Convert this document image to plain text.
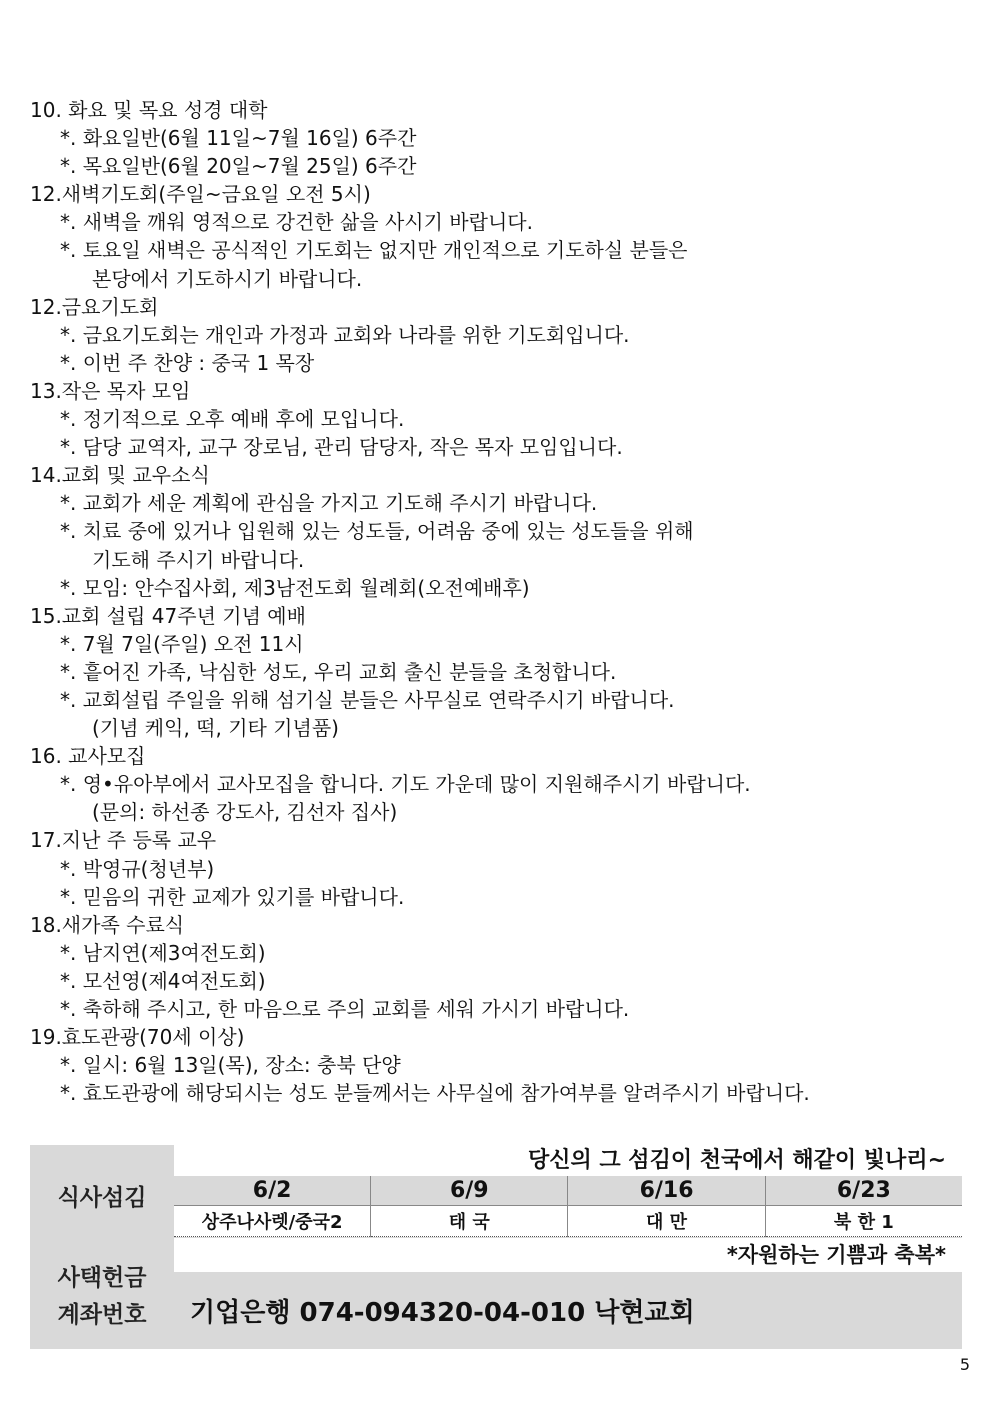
10. 화요 및 목요 성경 대학
*. 화요일반(6월 11일~7월 16일) 6주간
*. 목요일반(6월 20일~7월 25일) 6주간
12.새벽기도회(주일~금요일 오전 5시)
*. 새벽을 깨워 영적으로 강건한 삶을 사시기 바랍니다.
*. 토요일 새벽은 공식적인 기도회는 없지만 개인적으로 기도하실 분들은
본당에서 기도하시기 바랍니다.
12.금요기도회
*. 금요기도회는 개인과 가정과 교회와 나라를 위한 기도회입니다.
*. 이번 주 찬양 : 중국 1 목장
13.작은 목자 모임
*. 정기적으로 오후 예배 후에 모입니다.
*. 담당 교역자, 교구 장로님, 관리 담당자, 작은 목자 모임입니다.
14.교회 및 교우소식
*. 교회가 세운 계획에 관심을 가지고 기도해 주시기 바랍니다.
*. 치료 중에 있거나 입원해 있는 성도들, 어려움 중에 있는 성도들을 위해
기도해 주시기 바랍니다.
*. 모임: 안수집사회, 제3남전도회 월례회(오전예배후)
15.교회 설립 47주년 기념 예배
*. 7월 7일(주일) 오전 11시
*. 흩어진 가족, 낙심한 성도, 우리 교회 출신 분들을 초청합니다.
*. 교회설립 주일을 위해 섬기실 분들은 사무실로 연락주시기 바랍니다.
(기념 케익, 떡, 기타 기념품)
16. 교사모집
*. 영•유아부에서 교사모집을 합니다. 기도 가운데 많이 지원해주시기 바랍니다.
(문의: 하선종 강도사, 김선자 집사)
17.지난 주 등록 교우
*. 박영규(청년부)
*. 믿음의 귀한 교제가 있기를 바랍니다.
18.새가족 수료식
*. 남지연(제3여전도회)
*. 모선영(제4여전도회)
*. 축하해 주시고, 한 마음으로 주의 교회를 세워 가시기 바랍니다.
19.효도관광(70세 이상)
*. 일시: 6월 13일(목), 장소: 충북 단양
*. 효도관광에 해당되시는 성도 분들께서는 사무실에 참가여부를 알려주시기 바랍니다.
식사섬김
당신의 그 섬김이 천국에서 해같이 빛나리~
6/2	6/9	6/16	6/23
상주나사렛/중국2	태 국	대 만	북 한 1
*자원하는 기쁨과 축복*
사택헌금
계좌번호	기업은행 074-094320-04-010 낙현교회
5
